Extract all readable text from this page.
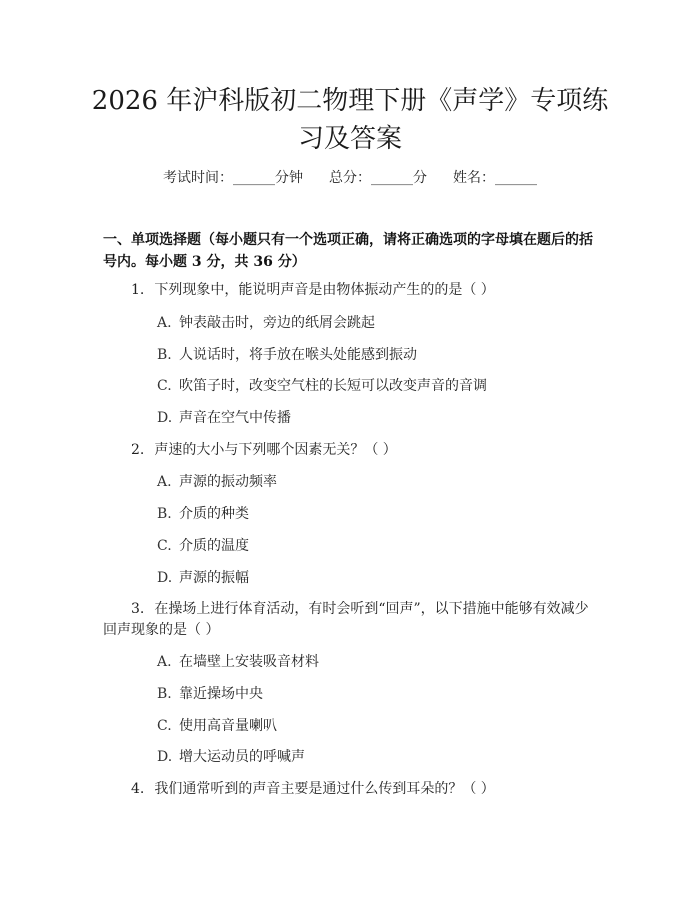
2026 年沪科版初二物理下册《声学》专项练
习及答案
考试时间：______分钟 总分：______分 姓名：______
一、单项选择题（每小题只有一个选项正确，请将正确选项的字母填在题后的括
号内。每小题 3 分，共 36 分）
1. 下列现象中，能说明声音是由物体振动产生的的是（ ）
A. 钟表敲击时，旁边的纸屑会跳起
B. 人说话时，将手放在喉头处能感到振动
C. 吹笛子时，改变空气柱的长短可以改变声音的音调
D. 声音在空气中传播
2. 声速的大小与下列哪个因素无关？（ ）
A. 声源的振动频率
B. 介质的种类
C. 介质的温度
D. 声源的振幅
3. 在操场上进行体育活动，有时会听到“回声”，以下措施中能够有效减少
回声现象的是（ ）
A. 在墙壁上安装吸音材料
B. 靠近操场中央
C. 使用高音量喇叭
D. 增大运动员的呼喊声
4. 我们通常听到的声音主要是通过什么传到耳朵的？（ ）
